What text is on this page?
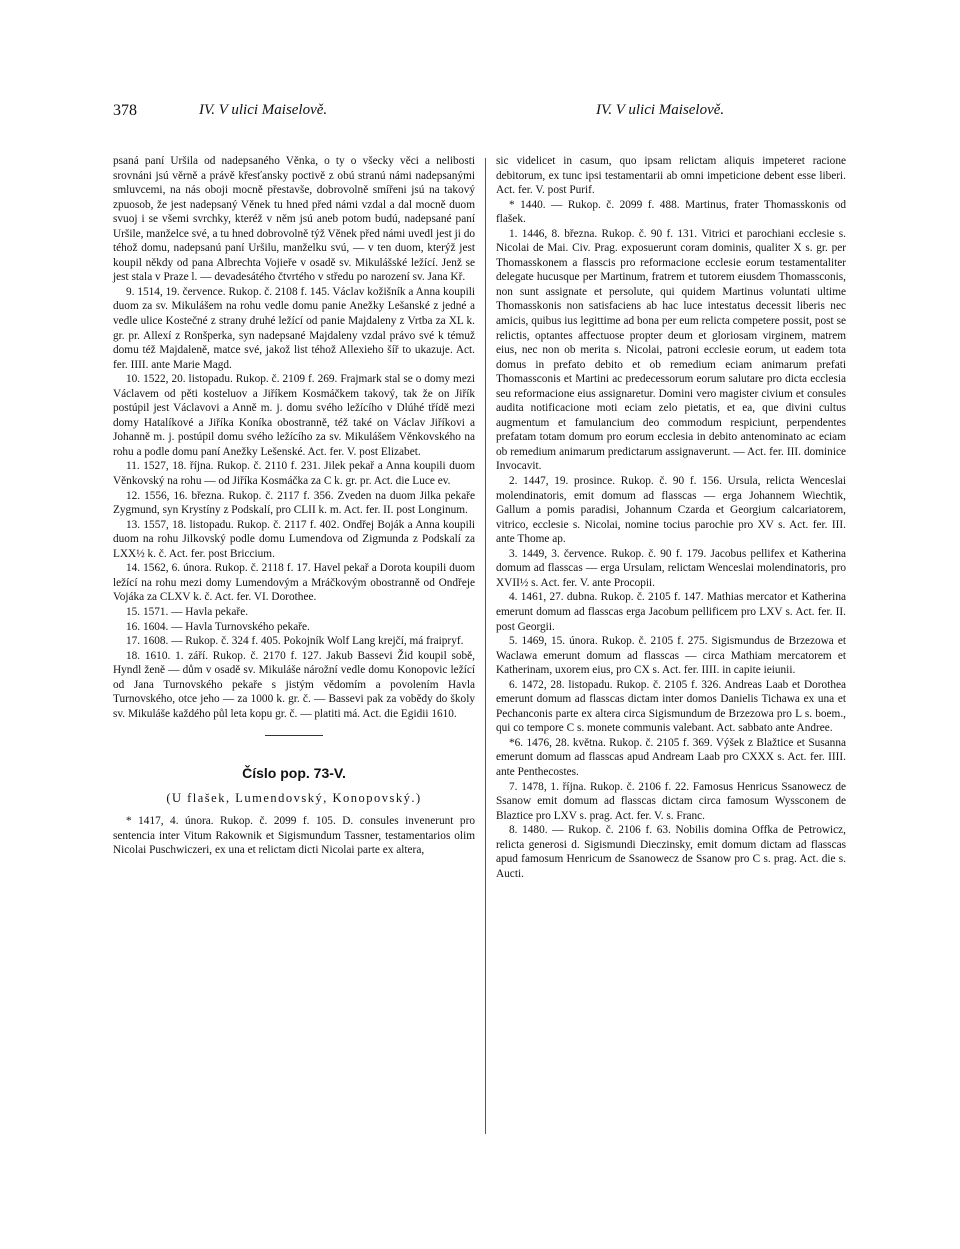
378	IV. V ulici Maiselově.	IV. V ulici Maiselově.

psaná paní Uršila od nadepsaného Věnka, o ty o všecky věci a nelibosti srovnáni jsú věrně a právě křesťansky poctivě z obú stranú námi nadepsanými smluvcemi, na nás oboji mocně přestavše, dobrovolně smířeni jsú na takový zpuosob, že jest nadepsaný Věnek tu hned před námi vzdal a dal mocně duom svuoj i se všemi svrchky, kteréž v něm jsú aneb potom budú, nadepsané paní Uršile, manželce své, a tu hned dobrovolně týž Věnek před námi uvedl jest ji do téhož domu, nadepsanú paní Uršilu, manželku svú, — v ten duom, kterýž jest koupil někdy od pana Albrechta Vojieře v osadě sv. Mikulášské ležící. Jenž se jest stala v Praze l. — devadesátého čtvrtého v středu po narození sv. Jana Kř.

9. 1514, 19. července. Rukop. č. 2108 f. 145. Václav kožišník a Anna koupili duom za sv. Mikulášem na rohu vedle domu panie Anežky Lešanské z jedné a vedle ulice Kostečné z strany druhé ležící od panie Majdaleny z Vrtba za XL k. gr. pr. Allexí z Ronšperka, syn nadepsané Majdaleny vzdal právo své k témuž domu též Majdaleně, matce své, jakož list téhož Allexieho šíř to ukazuje. Act. fer. IIII. ante Marie Magd.

10. 1522, 20. listopadu. Rukop. č. 2109 f. 269. Frajmark stal se o domy mezi Václavem od pěti kosteluov a Jiříkem Kosmáčkem takový, tak že on Jiřík postúpil jest Václavovi a Anně m. j. domu svého ležícího v Dlúhé třídě mezi domy Hatalíkové a Jiříka Koníka obostranně, též také on Václav Jiříkovi a Johanně m. j. postúpil domu svého ležícího za sv. Mikulášem Věnkovského na rohu a podle domu paní Anežky Lešenské. Act. fer. V. post Elizabet.

11. 1527, 18. října. Rukop. č. 2110 f. 231. Jilek pekař a Anna koupili duom Věnkovský na rohu — od Jiříka Kosmáčka za C k. gr. pr. Act. die Luce ev.

12. 1556, 16. března. Rukop. č. 2117 f. 356. Zveden na duom Jilka pekaře Zygmund, syn Krystíny z Podskalí, pro CLII k. m. Act. fer. II. post Longinum.

13. 1557, 18. listopadu. Rukop. č. 2117 f. 402. Ondřej Boják a Anna koupili duom na rohu Jilkovský podle domu Lumendova od Zigmunda z Podskalí za LXX½ k. č. Act. fer. post Briccium.

14. 1562, 6. února. Rukop. č. 2118 f. 17. Havel pekař a Dorota koupili duom ležící na rohu mezi domy Lumendovým a Mráčkovým obostranně od Ondřeje Vojáka za CLXV k. č. Act. fer. VI. Dorothee.

15. 1571. — Havla pekaře.

16. 1604. — Havla Turnovského pekaře.

17. 1608. — Rukop. č. 324 f. 405. Pokojník Wolf Lang krejčí, má fraipryf.

18. 1610. 1. září. Rukop. č. 2170 f. 127. Jakub Bassevi Žid koupil sobě, Hyndl ženě — dům v osadě sv. Mikuláše nárožní vedle domu Konopovic ležící od Jana Turnovského pekaře s jistým vědomím a povolením Havla Turnovského, otce jeho — za 1000 k. gr. č. — Bassevi pak za vobědy do školy sv. Mikuláše každého půl leta kopu gr. č. — platiti má. Act. die Egidii 1610.

Číslo pop. 73-V.
(U flašek, Lumendovský, Konopovský.)

* 1417, 4. února. Rukop. č. 2099 f. 105. D. consules invenerunt pro sentencia inter Vitum Rakownik et Sigismundum Tassner, testamentarios olim Nicolai Puschwiczeri, ex una et relictam dicti Nicolai parte ex altera,

sic videlicet in casum, quo ipsam relictam aliquis impeteret racione debitorum, ex tunc ipsi testamentarii ab omni impeticione debent esse liberi. Act. fer. V. post Purif.

* 1440. — Rukop. č. 2099 f. 488. Martinus, frater Thomasskonis od flašek.

1. 1446, 8. března. Rukop. č. 90 f. 131. Vitrici et parochiani ecclesie s. Nicolai de Mai. Civ. Prag. exposuerunt coram dominis, qualiter X s. gr. per Thomasskonem a flasscis pro reformacione ecclesie eorum testamentaliter delegate hucusque per Martinum, fratrem et tutorem eiusdem Thomassconis, non sunt assignate et persolute, qui quidem Martinus voluntati ultime Thomasskonis non satisfaciens ab hac luce intestatus decessit liberis nec amicis, quibus ius legittime ad bona per eum relicta competere possit, post se relictis, optantes affectuose propter deum et gloriosam virginem, matrem eius, nec non ob merita s. Nicolai, patroni ecclesie eorum, ut eadem tota domus in prefato debito et ob remedium eciam animarum prefati Thomassconis et Martini ac predecessorum eorum salutare pro dicta ecclesia seu reformacione eius assignaretur. Domini vero magister civium et consules audita notificacione moti eciam zelo pietatis, et ea, que divini cultus augmentum et famulancium deo commodum respiciunt, perpendentes prefatam totam domum pro eorum ecclesia in debito antenominato ac eciam ob remedium animarum predictarum assignaverunt. — Act. fer. III. dominice Invocavit.

2. 1447, 19. prosince. Rukop. č. 90 f. 156. Ursula, relicta Wenceslai molendinatoris, emit domum ad flasscas — erga Johannem Wiechtik, Gallum a pomis paradisi, Johannum Czarda et Georgium calcariatorem, vitrico, ecclesie s. Nicolai, nomine tocius parochie pro XV s. Act. fer. III. ante Thome ap.

3. 1449, 3. července. Rukop. č. 90 f. 179. Jacobus pellifex et Katherina domum ad flasscas — erga Ursulam, relictam Wenceslai molendinatoris, pro XVII½ s. Act. fer. V. ante Procopii.

4. 1461, 27. dubna. Rukop. č. 2105 f. 147. Mathias mercator et Katherina emerunt domum ad flasscas erga Jacobum pellificem pro LXV s. Act. fer. II. post Georgii.

5. 1469, 15. února. Rukop. č. 2105 f. 275. Sigismundus de Brzezowa et Waclawa emerunt domum ad flasscas — circa Mathiam mercatorem et Katherinam, uxorem eius, pro CX s. Act. fer. IIII. in capite ieiunii.

6. 1472, 28. listopadu. Rukop. č. 2105 f. 326. Andreas Laab et Dorothea emerunt domum ad flasscas dictam inter domos Danielis Tichawa ex una et Pechanconis parte ex altera circa Sigismundum de Brzezowa pro L s. boem., qui co tempore C s. monete communis valebant. Act. sabbato ante Andree.

*6. 1476, 28. května. Rukop. č. 2105 f. 369. Výšek z Blažtice et Susanna emerunt domum ad flasscas apud Andream Laab pro CXXX s. Act. fer. IIII. ante Penthecostes.

7. 1478, 1. října. Rukop. č. 2106 f. 22. Famosus Henricus Ssanowecz de Ssanow emit domum ad flasscas dictam circa famosum Wyssconem de Blaztice pro LXV s. prag. Act. fer. V. s. Franc.

8. 1480. — Rukop. č. 2106 f. 63. Nobilis domina Offka de Petrowicz, relicta generosi d. Sigismundi Dieczinsky, emit domum dictam ad flasscas apud famosum Henricum de Ssanowecz de Ssanow pro C s. prag. Act. die s. Aucti.
